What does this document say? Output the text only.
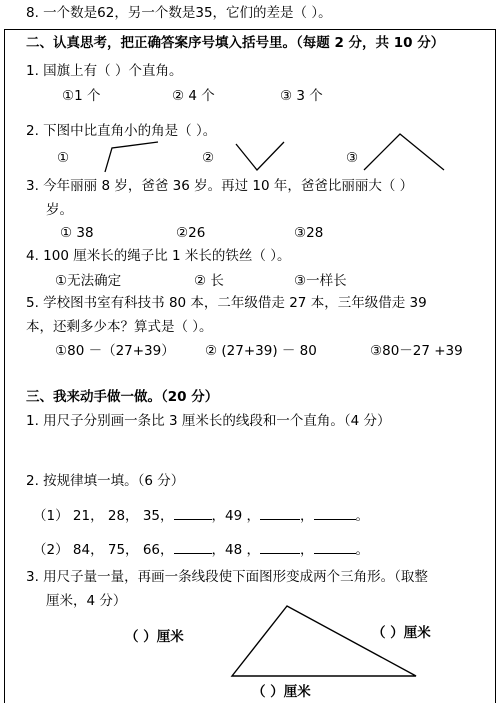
8. 一个数是62，另一个数是35，它们的差是（ ）。
二、认真思考，把正确答案序号填入括号里。（每题 2 分，共 10 分）
1. 国旗上有（ ）个直角。
①1 个	② 4 个	③ 3 个
2. 下图中比直角小的角是（ ）。
①	②	③
3. 今年丽丽 8 岁，爸爸 36 岁。再过 10 年，爸爸比丽丽大（ ）
岁。
① 38	②26	③28
4. 100 厘米长的绳子比 1 米长的铁丝（ ）。
①无法确定	② 长	③一样长
5. 学校图书室有科技书 80 本，二年级借走 27 本，三年级借走 39
本，还剩多少本？算式是（ ）。
①80 －（27+39） ② (27+39) － 80	③80－27 +39
三、我来动手做一做。（20 分）
1. 用尺子分别画一条比 3 厘米长的线段和一个直角。（4 分）
2. 按规律填一填。（6 分）
（1） 21， 28， 35，	，49 ，	，	。
（2） 84， 75， 66，	，48 ，	，	。
3. 用尺子量一量，再画一条线段使下面图形变成两个三角形。（取整
厘米，4 分）
（ ）厘米	（ ）厘米
（ ）厘米
